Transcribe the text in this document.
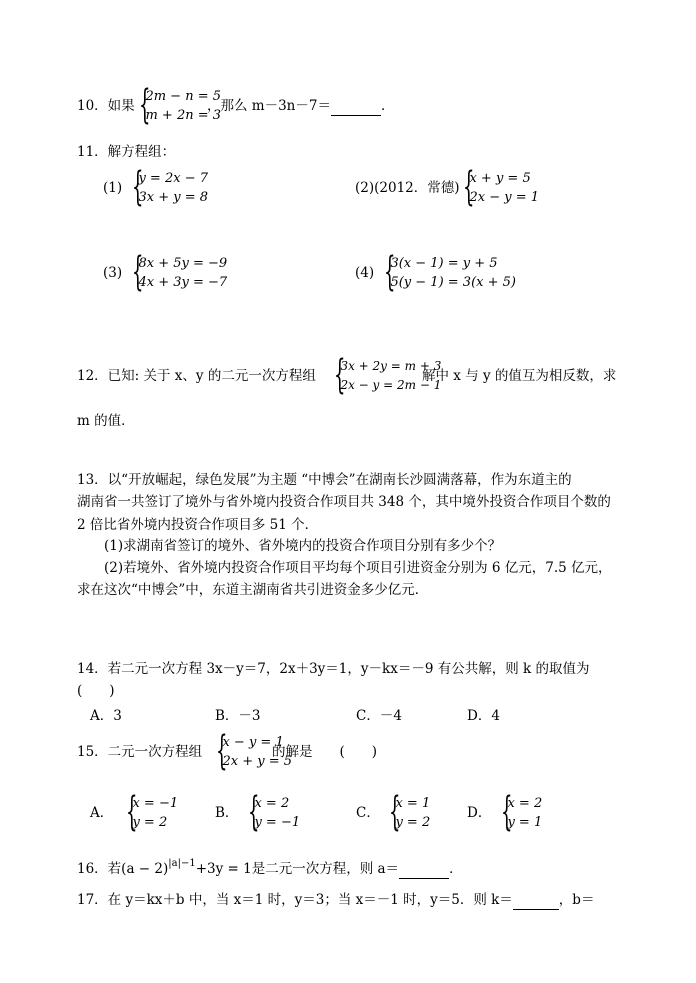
10．如果 {
2m − n = 5
m + 2n = 3
，那么 m－3n－7＝	．
11．解方程组：
(1) {
y = 2x − 7
3x + y = 8
(2)(2012．常德) {
x + y = 5
2x − y = 1
(3) {
8x + 5y = −9
4x + 3y = −7
(4) {
3(x − 1) = y + 5
5(y − 1) = 3(x + 5)
12．已知: 关于 x、y 的二元一次方程组 {
3x + 2y = m + 3
2x − y = 2m − 1
解中 x 与 y 的值互为相反数，求
m 的值．
13．以“开放崛起，绿色发展”为主题 “中博会”在湖南长沙圆满落幕，作为东道主的
湖南省一共签订了境外与省外境内投资合作项目共 348 个，其中境外投资合作项目个数的
2 倍比省外境内投资合作项目多 51 个．
(1)求湖南省签订的境外、省外境内的投资合作项目分别有多少个？
(2)若境外、省外境内投资合作项目平均每个项目引进资金分别为 6 亿元，7.5 亿元，
求在这次“中博会”中，东道主湖南省共引进资金多少亿元．
14．若二元一次方程 3x－y＝7，2x＋3y＝1，y－kx＝－9 有公共解，则 k 的取值为
(　　)
A．3	B．－3	C．－4	D．4
15．二元一次方程组 {
x − y = 1
2x + y = 5
的解是　　(　　)
A． {
x = −1
y = 2
B． {
x = 2
y = −1
C． {
x = 1
y = 2
D． {
x = 2
y = 1
16．若$(a - 2)^{|a|-1}+3y = 1$是二元一次方程，则 a＝	．
17．在 y＝kx＋b 中，当 x＝1 时，y＝3；当 x＝－1 时，y＝5．则 k＝	，b＝
